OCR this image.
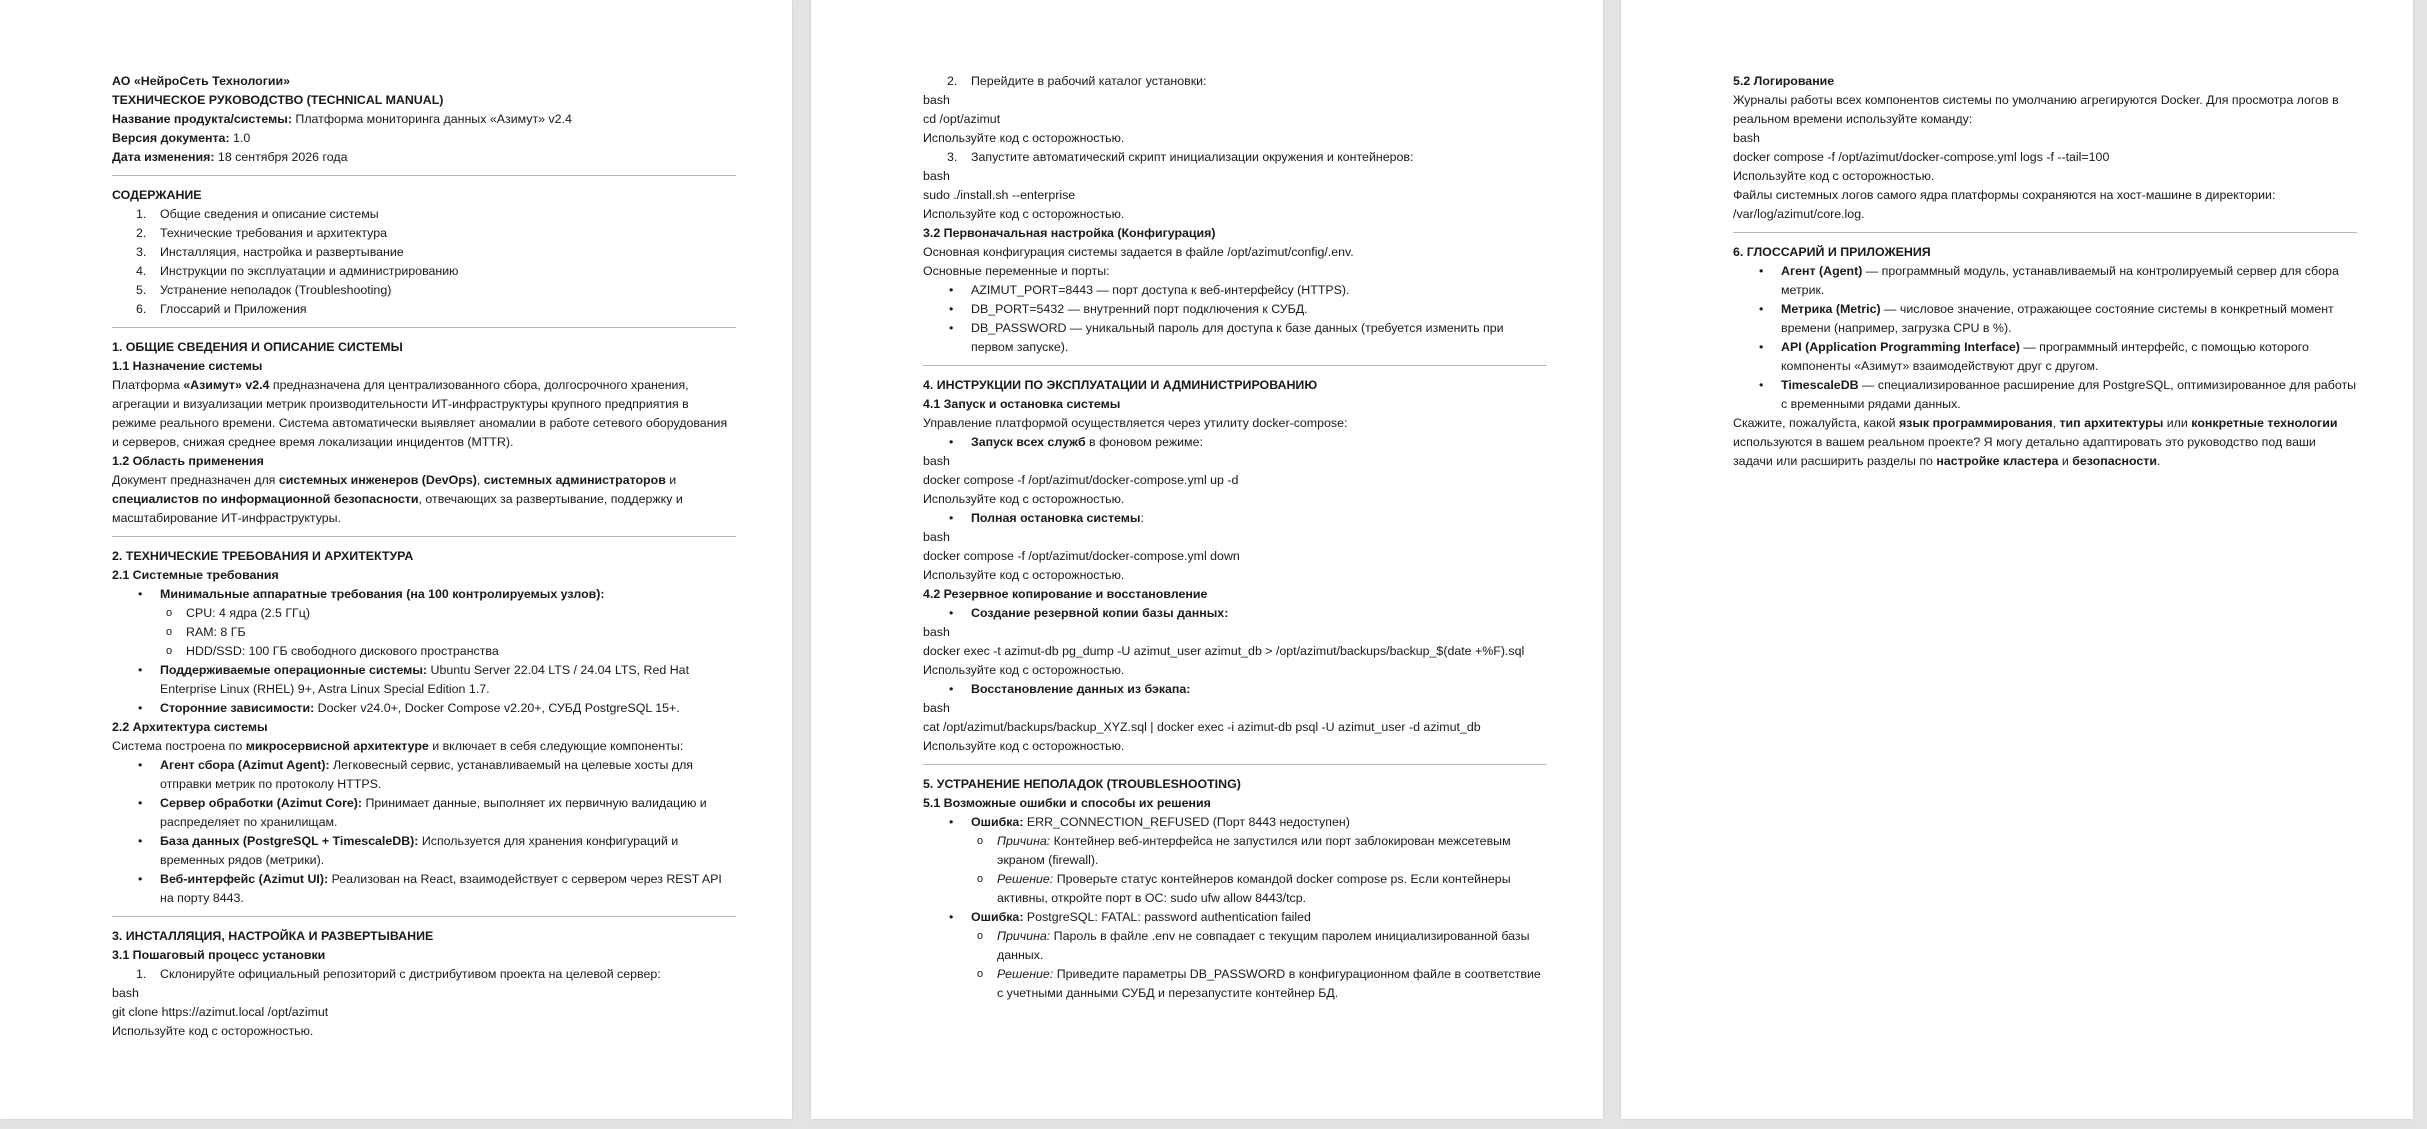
АО «НейроСеть Технологии»

ТЕХНИЧЕСКОЕ РУКОВОДСТВО (TECHNICAL MANUAL)

Название продукта/системы: Платформа мониторинга данных «Азимут» v2.4

Версия документа: 1.0

Дата изменения: 18 сентября 2026 года

СОДЕРЖАНИЕ
1. Общие сведения и описание системы
2. Технические требования и архитектура
3. Инсталляция, настройка и развертывание
4. Инструкции по эксплуатации и администрированию
5. Устранение неполадок (Troubleshooting)
6. Глоссарий и Приложения
1. ОБЩИЕ СВЕДЕНИЯ И ОПИСАНИЕ СИСТЕМЫ
1.1 Назначение системы

Платформа «Азимут» v2.4 предназначена для централизованного сбора, долгосрочного хранения, агрегации и визуализации метрик производительности ИТ-инфраструктуры крупного предприятия в режиме реального времени. Система автоматически выявляет аномалии в работе сетевого оборудования и серверов, снижая среднее время локализации инцидентов (MTTR).

1.2 Область применения

Документ предназначен для системных инженеров (DevOps), системных администраторов и специалистов по информационной безопасности, отвечающих за развертывание, поддержку и масштабирование ИТ-инфраструктуры.

2. ТЕХНИЧЕСКИЕ ТРЕБОВАНИЯ И АРХИТЕКТУРА
2.1 Системные требования
• Минимальные аппаратные требования (на 100 контролируемых узлов):
o CPU: 4 ядра (2.5 ГГц)
o RAM: 8 ГБ
o HDD/SSD: 100 ГБ свободного дискового пространства
• Поддерживаемые операционные системы: Ubuntu Server 22.04 LTS / 24.04 LTS, Red Hat Enterprise Linux (RHEL) 9+, Astra Linux Special Edition 1.7.
• Сторонние зависимости: Docker v24.0+, Docker Compose v2.20+, СУБД PostgreSQL 15+.
2.2 Архитектура системы

Система построена по микросервисной архитектуре и включает в себя следующие компоненты:

• Агент сбора (Azimut Agent): Легковесный сервис, устанавливаемый на целевые хосты для отправки метрик по протоколу HTTPS.
• Сервер обработки (Azimut Core): Принимает данные, выполняет их первичную валидацию и распределяет по хранилищам.
• База данных (PostgreSQL + TimescaleDB): Используется для хранения конфигураций и временных рядов (метрики).
• Веб-интерфейс (Azimut UI): Реализован на React, взаимодействует с сервером через REST API на порту 8443.
3. ИНСТАЛЛЯЦИЯ, НАСТРОЙКА И РАЗВЕРТЫВАНИЕ
3.1 Пошаговый процесс установки
1. Склонируйте официальный репозиторий с дистрибутивом проекта на целевой сервер:

bash

git clone https://azimut.local /opt/azimut

Используйте код с осторожностью.

2. Перейдите в рабочий каталог установки:

bash

cd /opt/azimut

Используйте код с осторожностью.

3. Запустите автоматический скрипт инициализации окружения и контейнеров:

bash

sudo ./install.sh --enterprise

Используйте код с осторожностью.

3.2 Первоначальная настройка (Конфигурация)

Основная конфигурация системы задается в файле /opt/azimut/config/.env.

Основные переменные и порты:

• AZIMUT_PORT=8443 — порт доступа к веб-интерфейсу (HTTPS).
• DB_PORT=5432 — внутренний порт подключения к СУБД.
• DB_PASSWORD — уникальный пароль для доступа к базе данных (требуется изменить при первом запуске).
4. ИНСТРУКЦИИ ПО ЭКСПЛУАТАЦИИ И АДМИНИСТРИРОВАНИЮ
4.1 Запуск и остановка системы

Управление платформой осуществляется через утилиту docker-compose:

• Запуск всех служб в фоновом режиме:

bash

docker compose -f /opt/azimut/docker-compose.yml up -d

Используйте код с осторожностью.

• Полная остановка системы:

bash

docker compose -f /opt/azimut/docker-compose.yml down

Используйте код с осторожностью.

4.2 Резервное копирование и восстановление
• Создание резервной копии базы данных:

bash

docker exec -t azimut-db pg_dump -U azimut_user azimut_db > /opt/azimut/backups/backup_$(date +%F).sql

Используйте код с осторожностью.

• Восстановление данных из бэкапа:

bash

cat /opt/azimut/backups/backup_XYZ.sql | docker exec -i azimut-db psql -U azimut_user -d azimut_db

Используйте код с осторожностью.

5. УСТРАНЕНИЕ НЕПОЛАДОК (TROUBLESHOOTING)
5.1 Возможные ошибки и способы их решения
• Ошибка: ERR_CONNECTION_REFUSED (Порт 8443 недоступен)
o Причина: Контейнер веб-интерфейса не запустился или порт заблокирован межсетевым экраном (firewall).
o Решение: Проверьте статус контейнеров командой docker compose ps. Если контейнеры активны, откройте порт в ОС: sudo ufw allow 8443/tcp.
• Ошибка: PostgreSQL: FATAL: password authentication failed
o Причина: Пароль в файле .env не совпадает с текущим паролем инициализированной базы данных.
o Решение: Приведите параметры DB_PASSWORD в конфигурационном файле в соответствие с учетными данными СУБД и перезапустите контейнер БД.
5.2 Логирование

Журналы работы всех компонентов системы по умолчанию агрегируются Docker. Для просмотра логов в реальном времени используйте команду:

bash

docker compose -f /opt/azimut/docker-compose.yml logs -f --tail=100

Используйте код с осторожностью.

Файлы системных логов самого ядра платформы сохраняются на хост-машине в директории: /var/log/azimut/core.log.

6. ГЛОССАРИЙ И ПРИЛОЖЕНИЯ
• Агент (Agent) — программный модуль, устанавливаемый на контролируемый сервер для сбора метрик.
• Метрика (Metric) — числовое значение, отражающее состояние системы в конкретный момент времени (например, загрузка CPU в %).
• API (Application Programming Interface) — программный интерфейс, с помощью которого компоненты «Азимут» взаимодействуют друг с другом.
• TimescaleDB — специализированное расширение для PostgreSQL, оптимизированное для работы с временными рядами данных.

Скажите, пожалуйста, какой язык программирования, тип архитектуры или конкретные технологии используются в вашем реальном проекте? Я могу детально адаптировать это руководство под ваши задачи или расширить разделы по настройке кластера и безопасности.
